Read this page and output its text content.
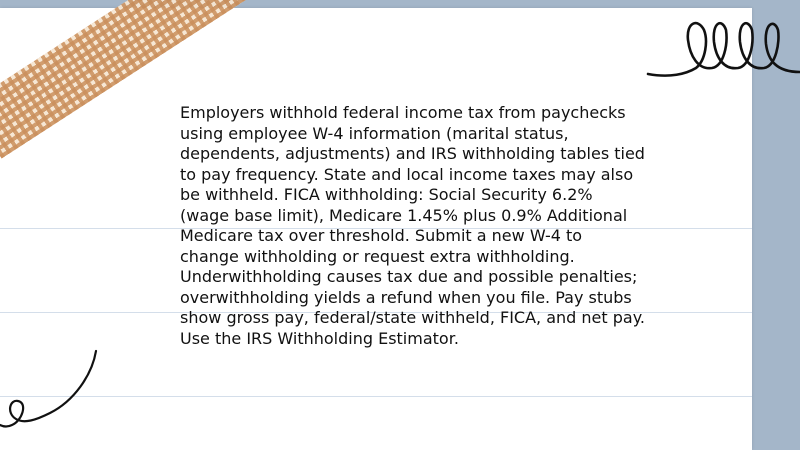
Employers withhold federal income tax from paychecks using employee W-4 information (marital status, dependents, adjustments) and IRS withholding tables tied to pay frequency. State and local income taxes may also be withheld. FICA withholding: Social Security 6.2% (wage base limit), Medicare 1.45% plus 0.9% Additional Medicare tax over threshold. Submit a new W-4 to change withholding or request extra withholding. Underwithholding causes tax due and possible penalties; overwithholding yields a refund when you file. Pay stubs show gross pay, federal/state withheld, FICA, and net pay. Use the IRS Withholding Estimator.
